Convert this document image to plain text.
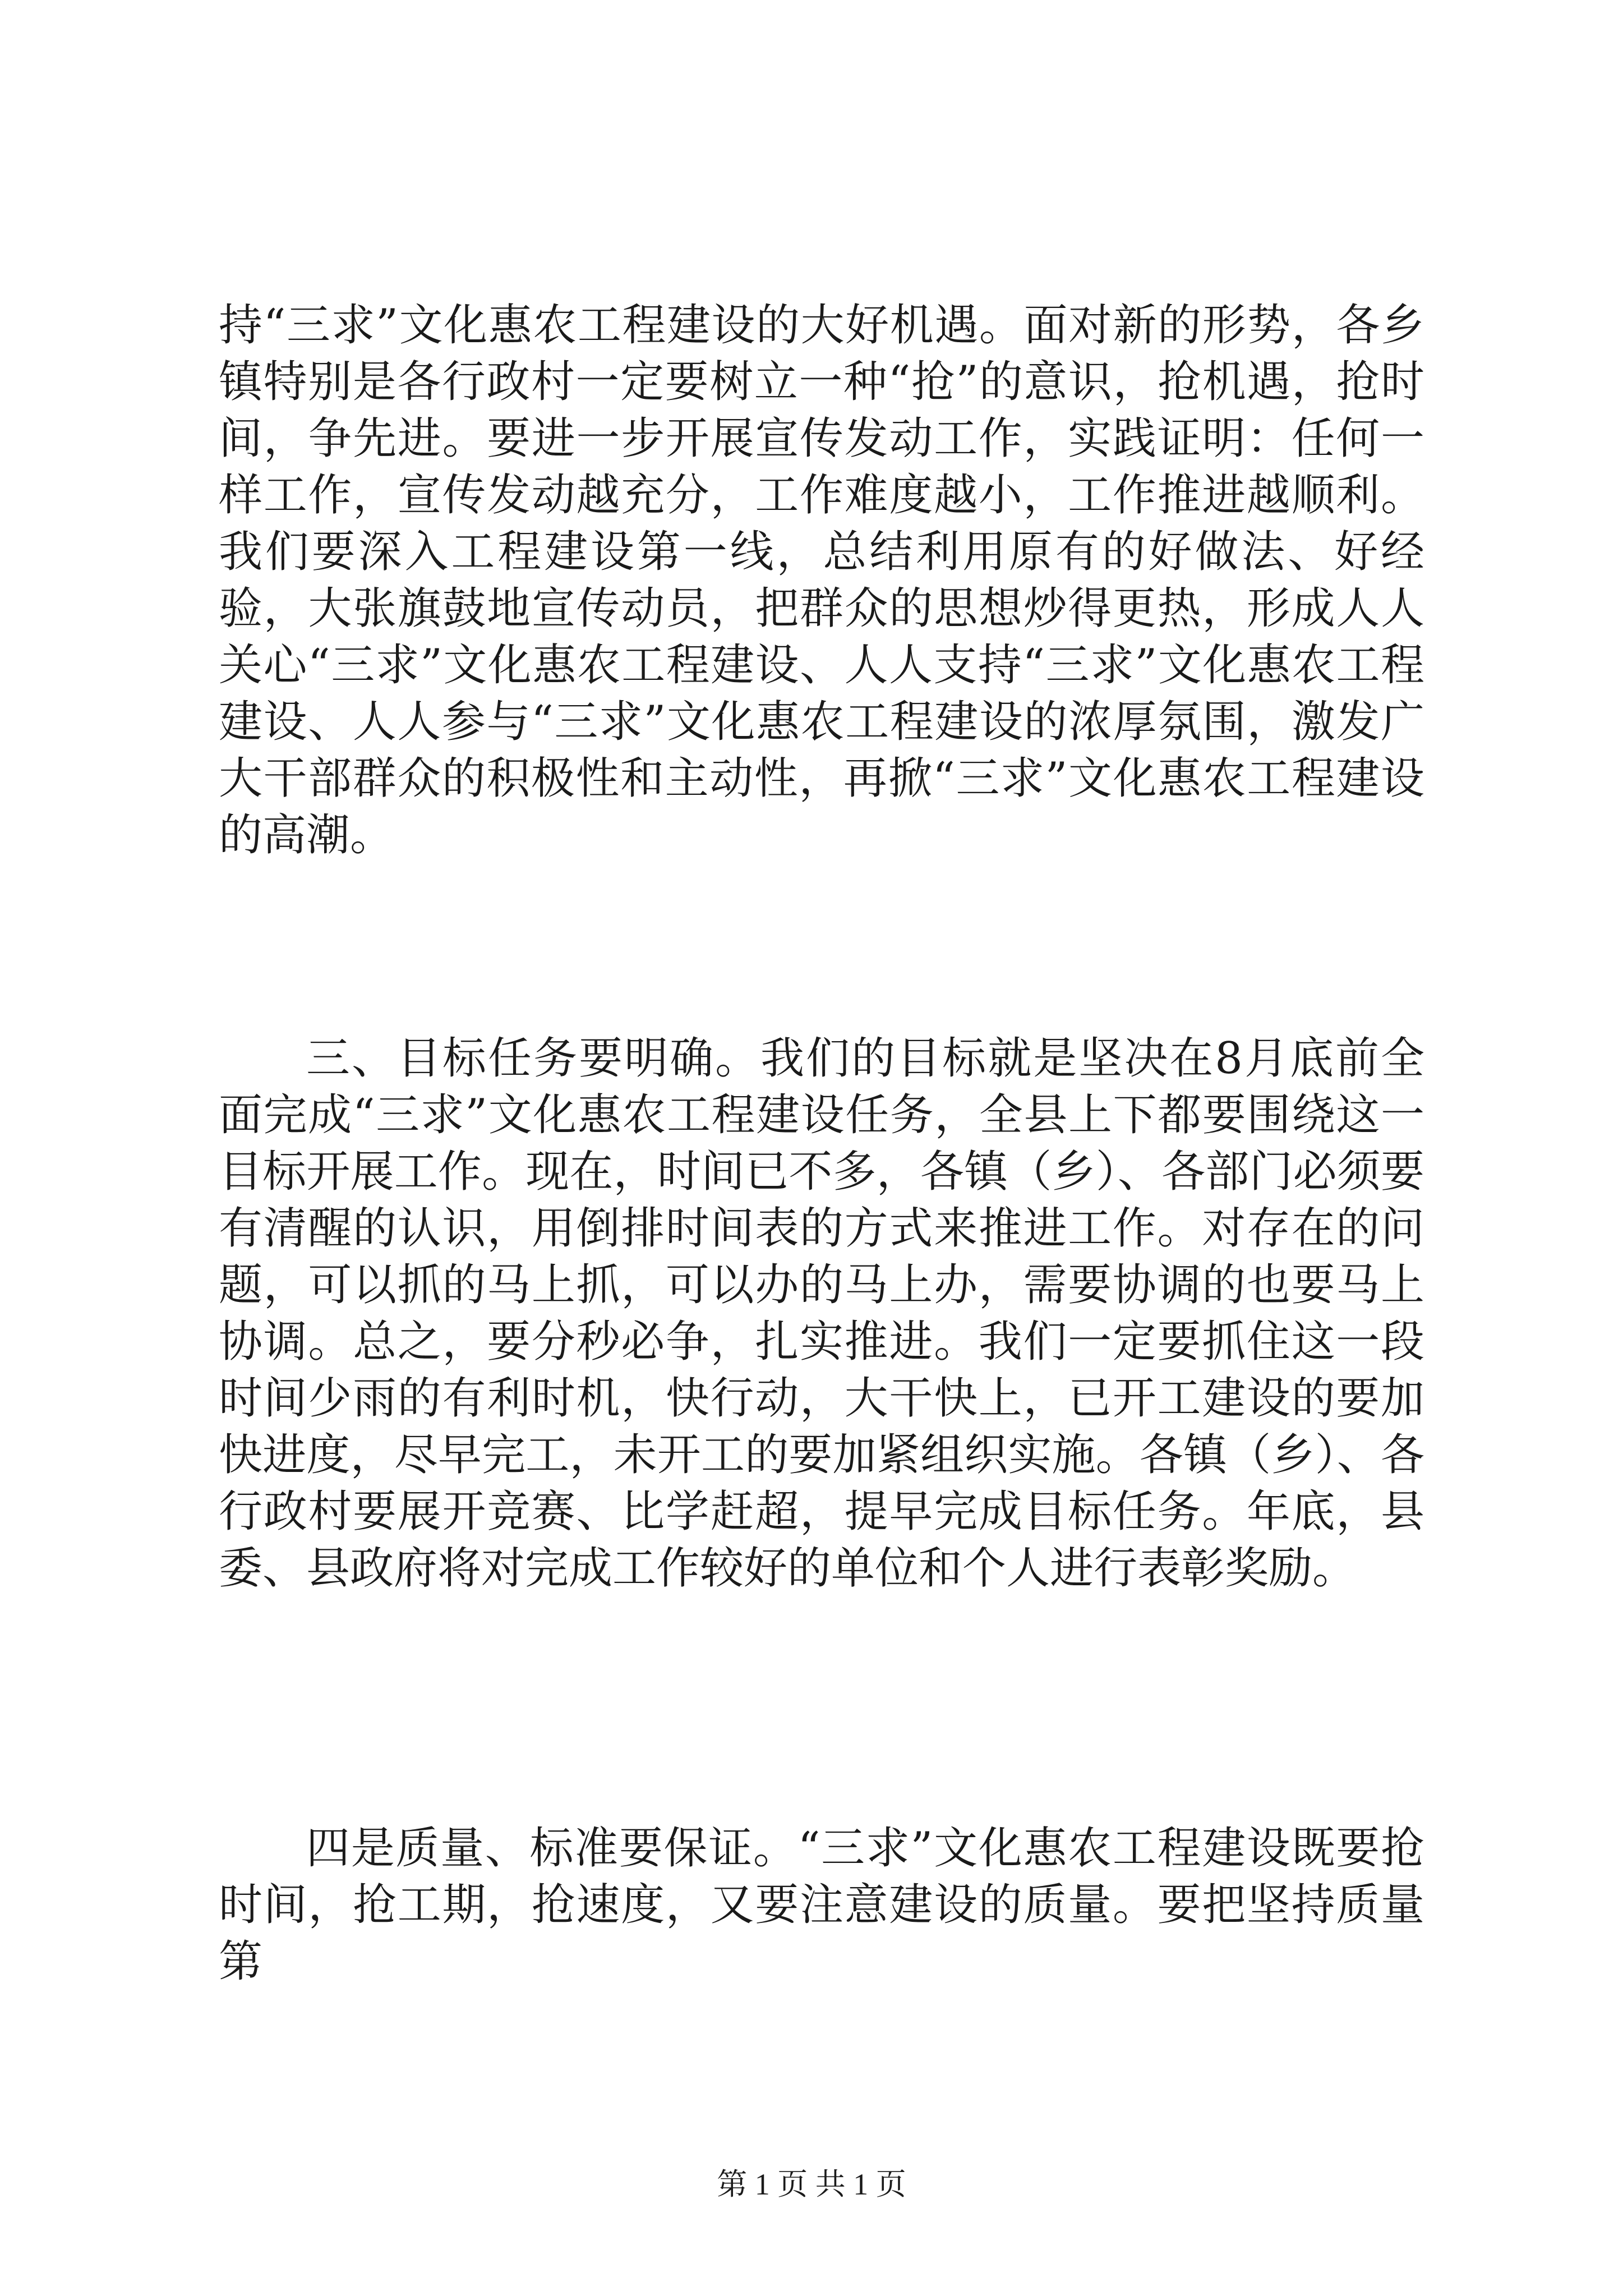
持“三求”文化惠农工程建设的大好机遇。面对新的形势，各乡镇特别是各行政村一定要树立一种“抢”的意识，抢机遇，抢时间，争先进。要进一步开展宣传发动工作，实践证明：任何一样工作，宣传发动越充分，工作难度越小，工作推进越顺利。我们要深入工程建设第一线，总结利用原有的好做法、好经验，大张旗鼓地宣传动员，把群众的思想炒得更热，形成人人关心“三求”文化惠农工程建设、人人支持“三求”文化惠农工程建设、人人参与“三求”文化惠农工程建设的浓厚氛围，激发广大干部群众的积极性和主动性，再掀“三求”文化惠农工程建设的高潮。

三、目标任务要明确。我们的目标就是坚决在8月底前全面完成“三求”文化惠农工程建设任务，全县上下都要围绕这一目标开展工作。现在，时间已不多，各镇（乡）、各部门必须要有清醒的认识，用倒排时间表的方式来推进工作。对存在的问题，可以抓的马上抓，可以办的马上办，需要协调的也要马上协调。总之，要分秒必争，扎实推进。我们一定要抓住这一段时间少雨的有利时机，快行动，大干快上，已开工建设的要加快进度，尽早完工，未开工的要加紧组织实施。各镇（乡）、各行政村要展开竞赛、比学赶超，提早完成目标任务。年底，县委、县政府将对完成工作较好的单位和个人进行表彰奖励。

四是质量、标准要保证。“三求”文化惠农工程建设既要抢时间，抢工期，抢速度，又要注意建设的质量。要把坚持质量第

第 1 页 共 1 页
